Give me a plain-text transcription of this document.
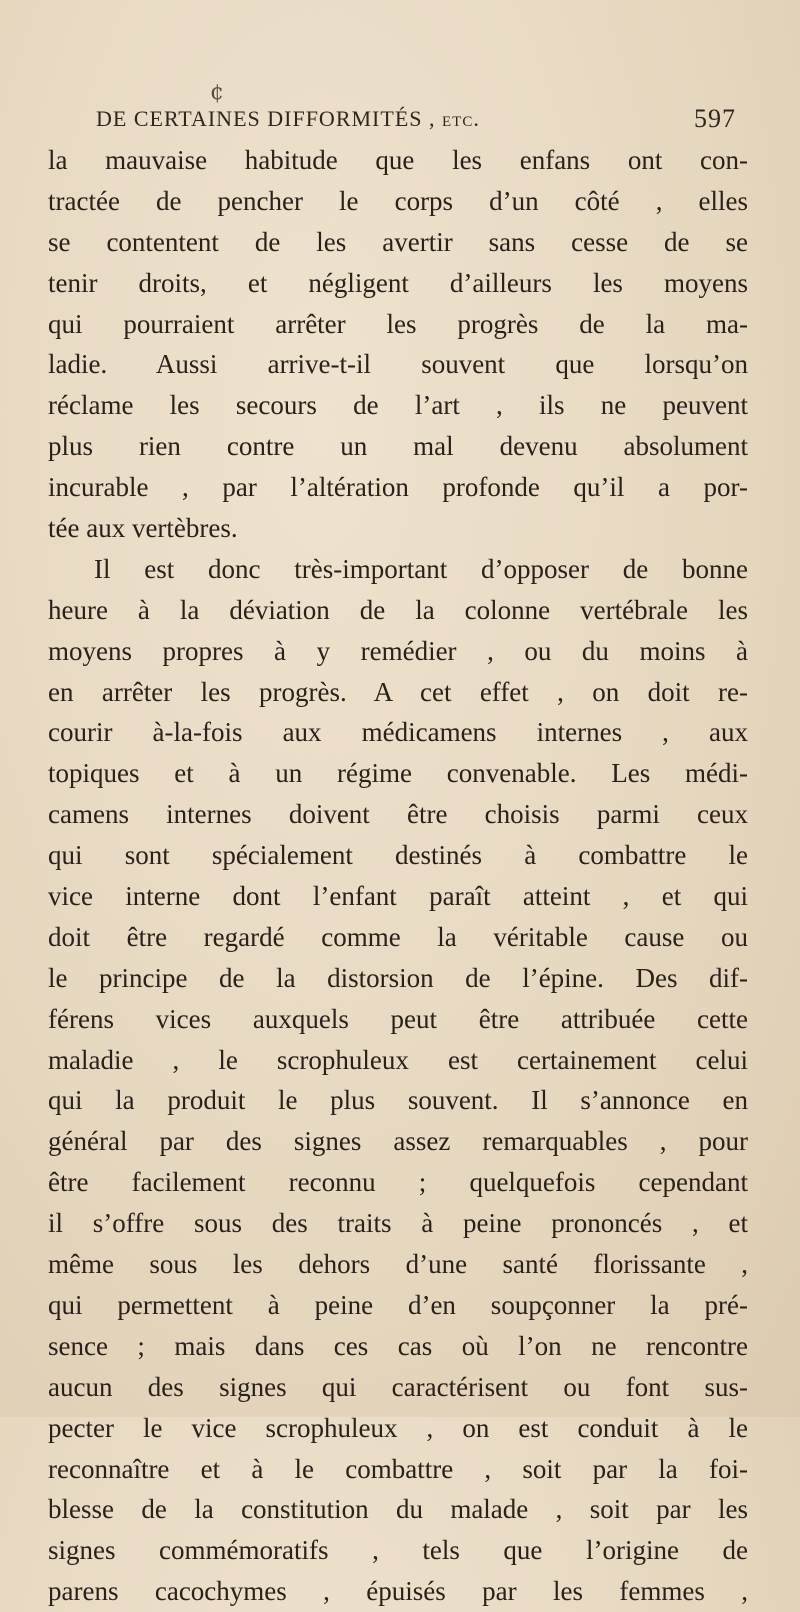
¢
DE CERTAINES DIFFORMITÉS , etc.	597
la mauvaise habitude que les enfans ont con-
tractée de pencher le corps d’un côté , elles
se contentent de les avertir sans cesse de se
tenir droits, et négligent d’ailleurs les moyens
qui pourraient arrêter les progrès de la ma-
ladie. Aussi arrive-t-il souvent que lorsqu’on
réclame les secours de l’art , ils ne peuvent
plus rien contre un mal devenu absolument
incurable , par l’altération profonde qu’il a por-
tée aux vertèbres.
Il est donc très-important d’opposer de bonne
heure à la déviation de la colonne vertébrale les
moyens propres à y remédier , ou du moins à
en arrêter les progrès. A cet effet , on doit re-
courir à-la-fois aux médicamens internes , aux
topiques et à un régime convenable. Les médi-
camens internes doivent être choisis parmi ceux
qui sont spécialement destinés à combattre le
vice interne dont l’enfant paraît atteint , et qui
doit être regardé comme la véritable cause ou
le principe de la distorsion de l’épine. Des dif-
férens vices auxquels peut être attribuée cette
maladie , le scrophuleux est certainement celui
qui la produit le plus souvent. Il s’annonce en
général par des signes assez remarquables , pour
être facilement reconnu ; quelquefois cependant
il s’offre sous des traits à peine prononcés , et
même sous les dehors d’une santé florissante ,
qui permettent à peine d’en soupçonner la pré-
sence ; mais dans ces cas où l’on ne rencontre
aucun des signes qui caractérisent ou font sus-
pecter le vice scrophuleux , on est conduit à le
reconnaître et à le combattre , soit par la foi-
blesse de la constitution du malade , soit par les
signes commémoratifs , tels que l’origine de
parens cacochymes , épuisés par les femmes ,
